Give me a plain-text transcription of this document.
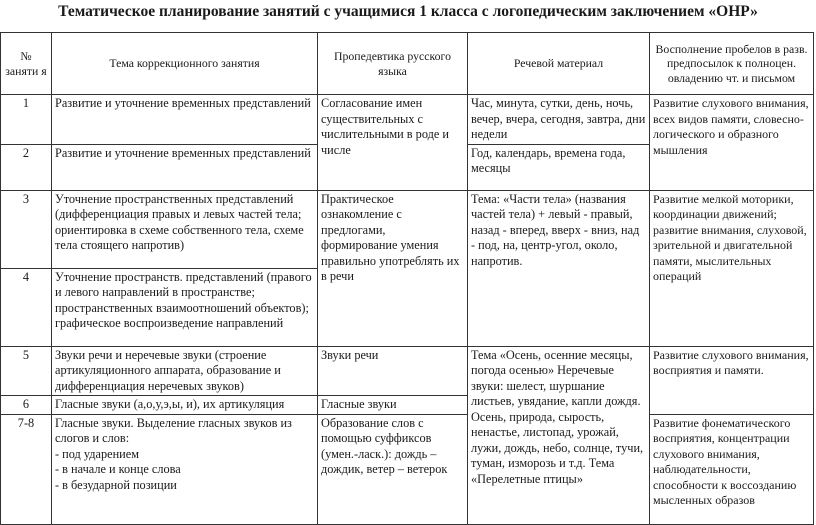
Тематическое планирование занятий с учащимися 1 класса с логопедическим заключением «ОНР»
№ заняти я	Тема коррекционного занятия	Пропедевтика русского языка	Речевой материал	Восполнение пробелов в разв. предпосылок к полноцен. овладению чт. и письмом
1	Развитие и уточнение временных представлений	Согласование имен существительных с числительными в роде и числе	Час, минута, сутки, день, ночь, вечер, вчера, сегодня, завтра, дни недели	Развитие слухового внимания, всех видов памяти, словесно-логического и образного мышления
2	Развитие и уточнение временных представлений		Год, календарь, времена года, месяцы	
3	Уточнение пространственных представлений (дифференциация правых и левых частей тела; ориентировка в схеме собственного тела, схеме тела стоящего напротив)	Практическое ознакомление с предлогами, формирование умения правильно употреблять их в речи	Тема: «Части тела» (названия частей тела) + левый - правый, назад - вперед, вверх - вниз, над - под, на, центр-угол, около, напротив.	Развитие мелкой моторики, координации движений; развитие внимания, слуховой, зрительной и двигательной памяти, мыслительных операций
4	Уточнение пространств. представлений (правого и левого направлений в пространстве; пространственных взаимоотношений объектов); графическое воспроизведение направлений			
5	Звуки речи и неречевые звуки (строение артикуляционного аппарата, образование и дифференциация неречевых звуков)	Звуки речи	Тема «Осень, осенние месяцы, погода осенью» Неречевые звуки: шелест, шуршание листьев, увядание, капли дождя. Осень, природа, сырость, ненастье, листопад, урожай, лужи, дождь, небо, солнце, тучи, туман, изморозь и т.д. Тема «Перелетные птицы»	Развитие слухового внимания, восприятия и памяти.
6	Гласные звуки (а,о,у,э,ы, и), их артикуляция	Гласные звуки		
7-8	Гласные звуки. Выделение гласных звуков из слогов и слов:
- под ударением
- в начале и конце слова
- в безударной позиции	Образование слов с помощью суффиксов (умен.-ласк.): дождь – дождик, ветер – ветерок		Развитие фонематического восприятия, концентрации слухового внимания, наблюдательности, способности к воссозданию мысленных образов
